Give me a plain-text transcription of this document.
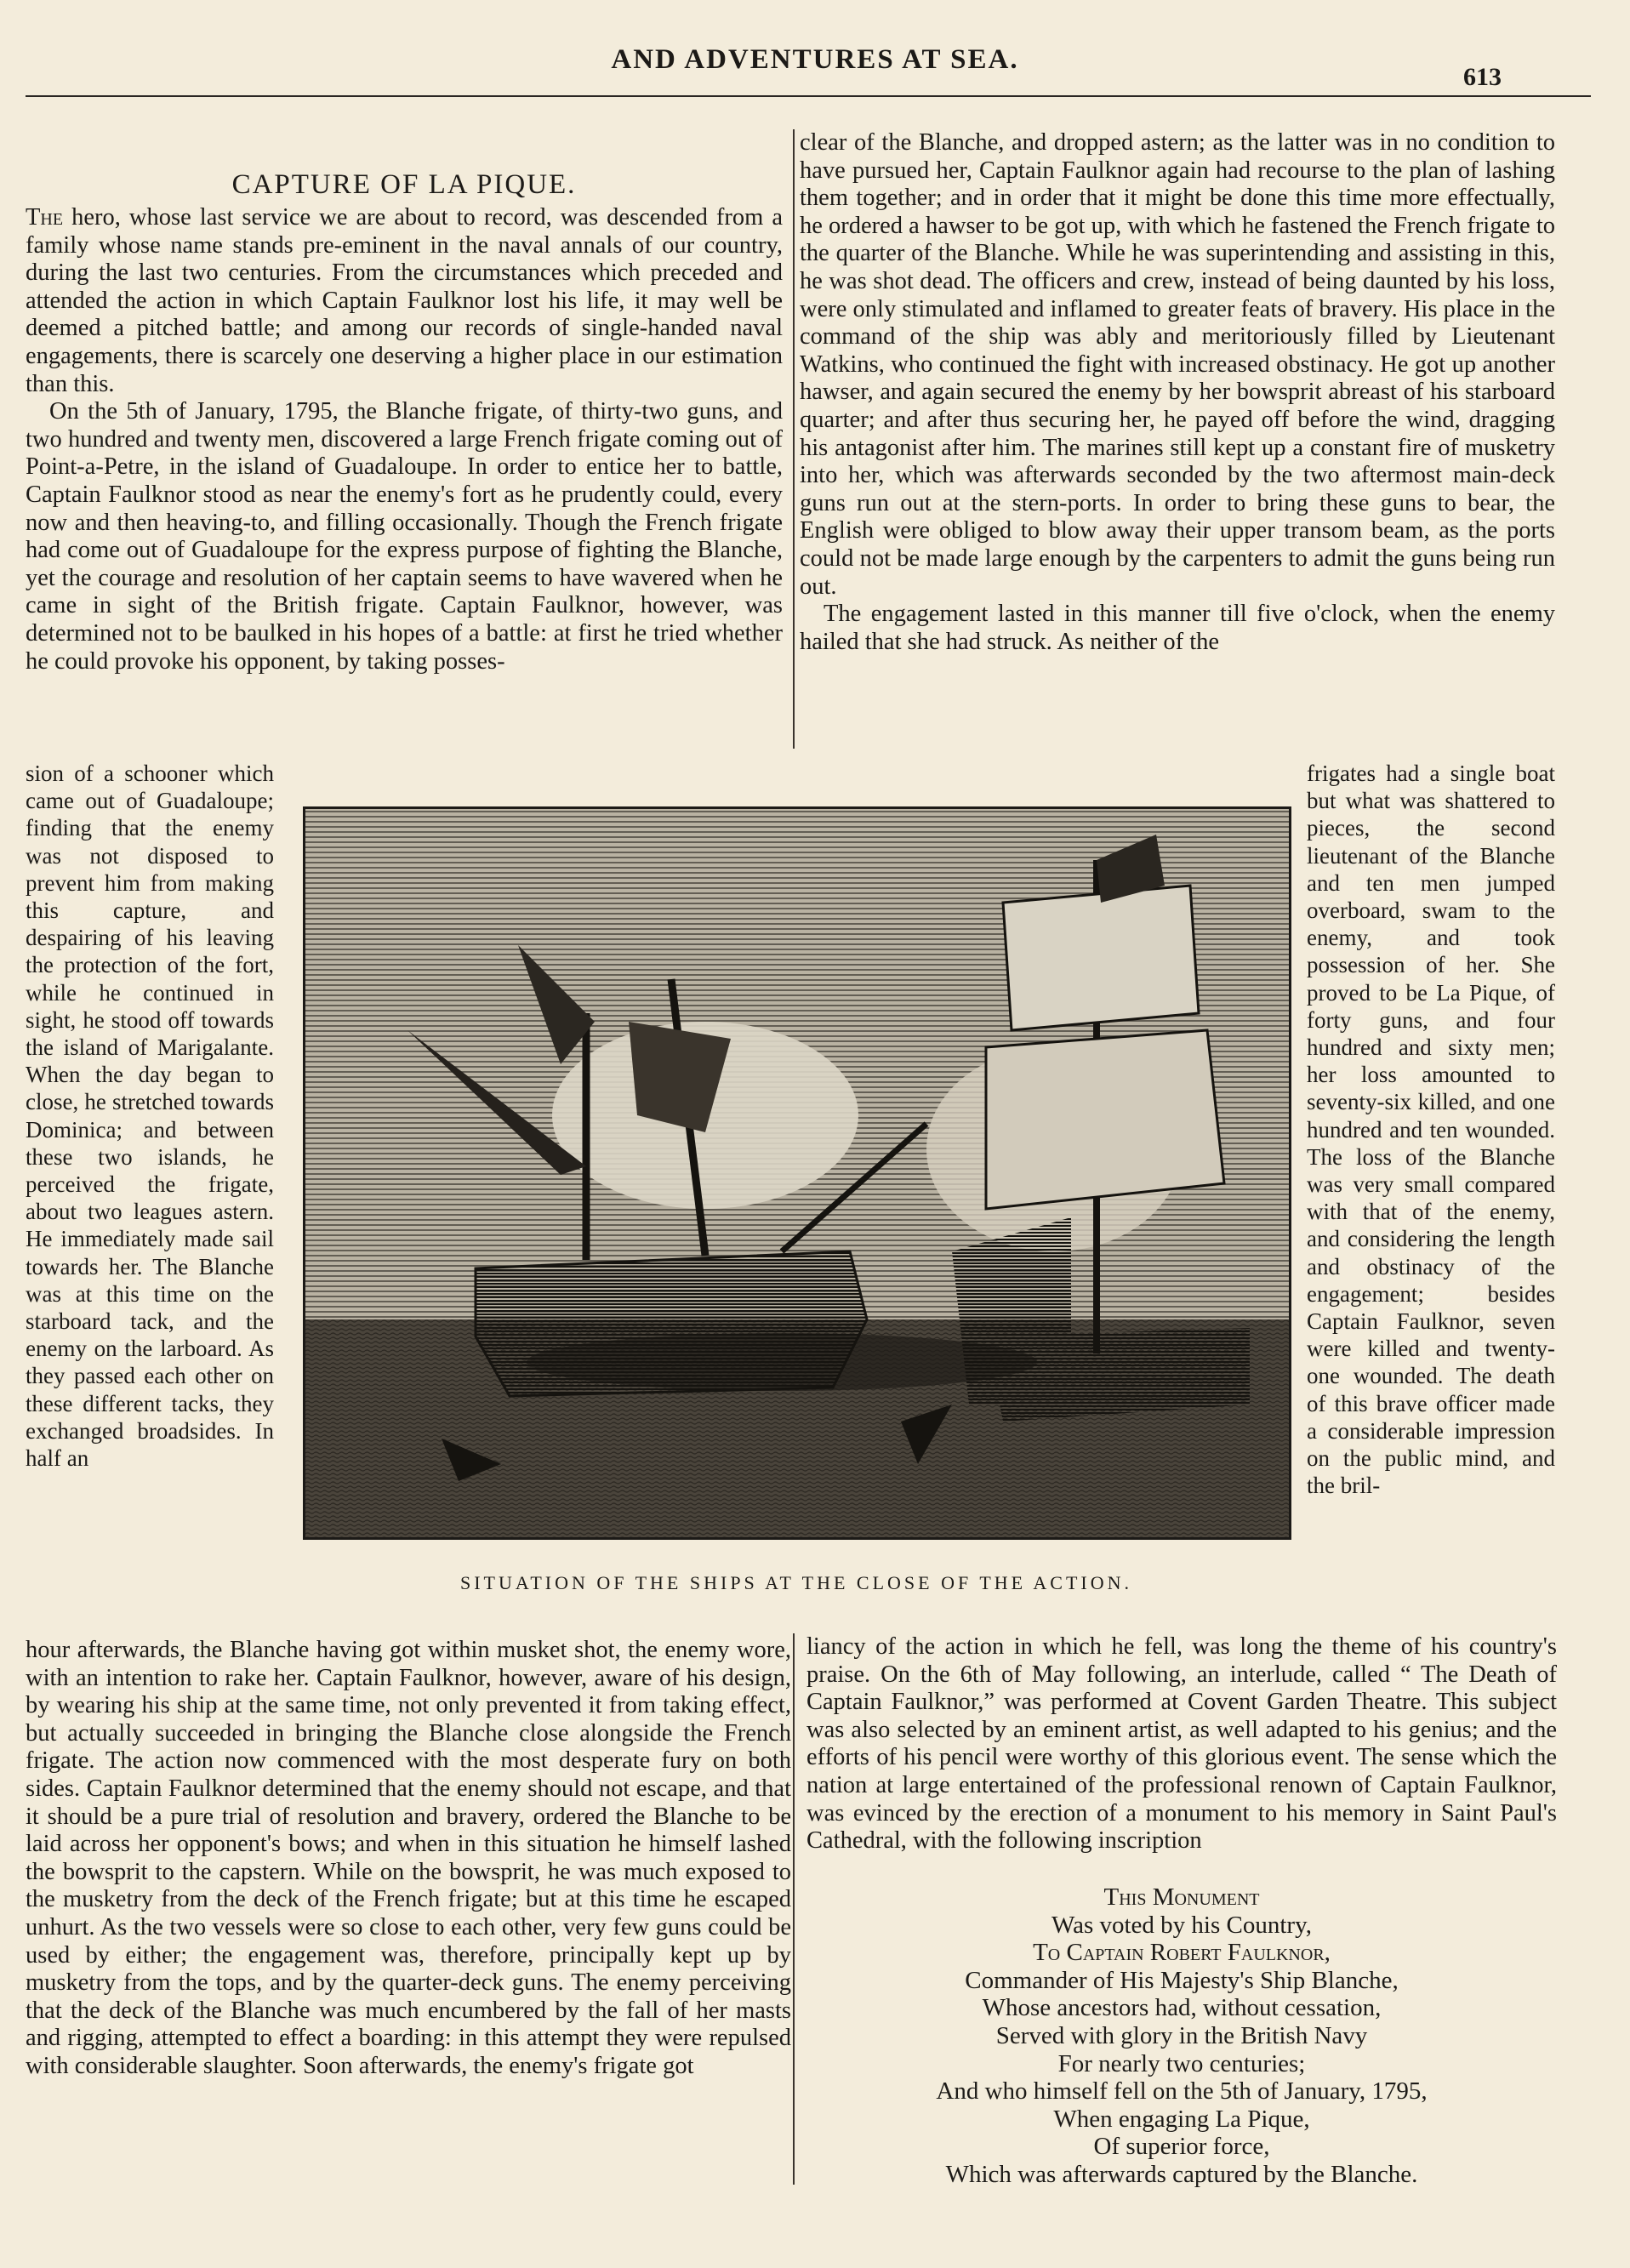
AND ADVENTURES AT SEA.
613
CAPTURE OF LA PIQUE.

The hero, whose last service we are about to record, was descended from a family whose name stands pre-eminent in the naval annals of our country, during the last two centuries. From the circumstances which preceded and attended the action in which Captain Faulknor lost his life, it may well be deemed a pitched battle; and among our records of single-handed naval engagements, there is scarcely one deserving a higher place in our estimation than this.

On the 5th of January, 1795, the Blanche frigate, of thirty-two guns, and two hundred and twenty men, discovered a large French frigate coming out of Point-a-Petre, in the island of Guadaloupe. In order to entice her to battle, Captain Faulknor stood as near the enemy's fort as he prudently could, every now and then heaving-to, and filling occasionally. Though the French frigate had come out of Guadaloupe for the express purpose of fighting the Blanche, yet the courage and resolution of her captain seems to have wavered when he came in sight of the British frigate. Captain Faulknor, however, was determined not to be baulked in his hopes of a battle: at first he tried whether he could provoke his opponent, by taking posses-

clear of the Blanche, and dropped astern; as the latter was in no condition to have pursued her, Captain Faulknor again had recourse to the plan of lashing them together; and in order that it might be done this time more effectually, he ordered a hawser to be got up, with which he fastened the French frigate to the quarter of the Blanche. While he was superintending and assisting in this, he was shot dead. The officers and crew, instead of being daunted by his loss, were only stimulated and inflamed to greater feats of bravery. His place in the command of the ship was ably and meritoriously filled by Lieutenant Watkins, who continued the fight with increased obstinacy. He got up another hawser, and again secured the enemy by her bowsprit abreast of his starboard quarter; and after thus securing her, he payed off before the wind, dragging his antagonist after him. The marines still kept up a constant fire of musketry into her, which was afterwards seconded by the two aftermost main-deck guns run out at the stern-ports. In order to bring these guns to bear, the English were obliged to blow away their upper transom beam, as the ports could not be made large enough by the carpenters to admit the guns being run out.

The engagement lasted in this manner till five o'clock, when the enemy hailed that she had struck. As neither of the

sion of a schooner which came out of Guadaloupe; finding that the enemy was not disposed to prevent him from making this capture, and despairing of his leaving the protection of the fort, while he continued in sight, he stood off towards the island of Marigalante. When the day began to close, he stretched towards Dominica; and between these two islands, he perceived the frigate, about two leagues astern. He immediately made sail towards her. The Blanche was at this time on the starboard tack, and the enemy on the larboard. As they passed each other on these different tacks, they exchanged broadsides. In half an

frigates had a single boat but what was shattered to pieces, the second lieutenant of the Blanche and ten men jumped overboard, swam to the enemy, and took possession of her. She proved to be La Pique, of forty guns, and four hundred and sixty men; her loss amounted to seventy-six killed, and one hundred and ten wounded. The loss of the Blanche was very small compared with that of the enemy, and considering the length and obstinacy of the engagement; besides Captain Faulknor, seven were killed and twenty-one wounded. The death of this brave officer made a considerable impression on the public mind, and the bril-

SITUATION OF THE SHIPS AT THE CLOSE OF THE ACTION.

hour afterwards, the Blanche having got within musket shot, the enemy wore, with an intention to rake her. Captain Faulknor, however, aware of his design, by wearing his ship at the same time, not only prevented it from taking effect, but actually succeeded in bringing the Blanche close alongside the French frigate. The action now commenced with the most desperate fury on both sides. Captain Faulknor determined that the enemy should not escape, and that it should be a pure trial of resolution and bravery, ordered the Blanche to be laid across her opponent's bows; and when in this situation he himself lashed the bowsprit to the capstern. While on the bowsprit, he was much exposed to the musketry from the deck of the French frigate; but at this time he escaped unhurt. As the two vessels were so close to each other, very few guns could be used by either; the engagement was, therefore, principally kept up by musketry from the tops, and by the quarter-deck guns. The enemy perceiving that the deck of the Blanche was much encumbered by the fall of her masts and rigging, attempted to effect a boarding: in this attempt they were repulsed with considerable slaughter. Soon afterwards, the enemy's frigate got

liancy of the action in which he fell, was long the theme of his country's praise. On the 6th of May following, an interlude, called “ The Death of Captain Faulknor,” was performed at Covent Garden Theatre. This subject was also selected by an eminent artist, as well adapted to his genius; and the efforts of his pencil were worthy of this glorious event. The sense which the nation at large entertained of the professional renown of Captain Faulknor, was evinced by the erection of a monument to his memory in Saint Paul's Cathedral, with the following inscription

This Monument
Was voted by his Country,
To Captain Robert Faulknor,
Commander of His Majesty's Ship Blanche,
Whose ancestors had, without cessation,
Served with glory in the British Navy
For nearly two centuries;
And who himself fell on the 5th of January, 1795,
When engaging La Pique,
Of superior force,
Which was afterwards captured by the Blanche.
